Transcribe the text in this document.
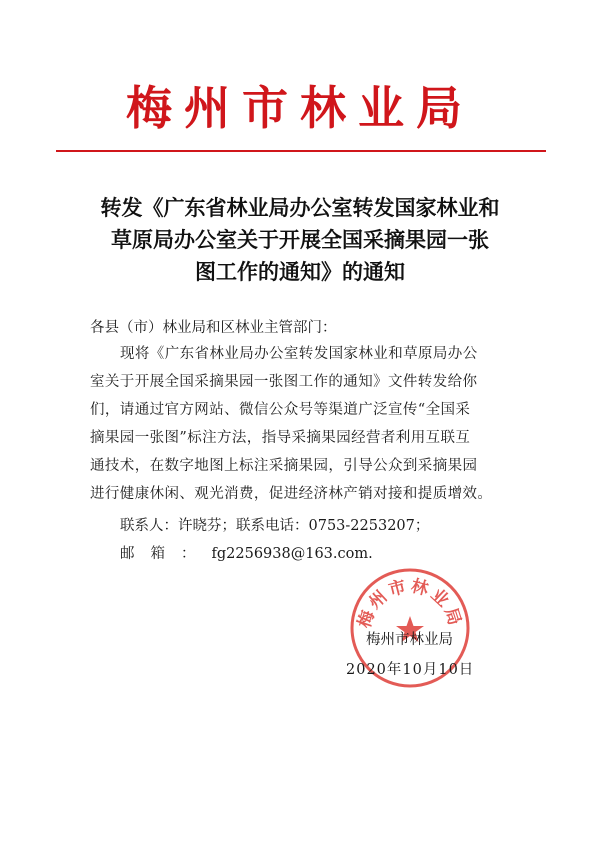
梅州市林业局
转发《广东省林业局办公室转发国家林业和
草原局办公室关于开展全国采摘果园一张
图工作的通知》的通知
各县（市）林业局和区林业主管部门：
现将《广东省林业局办公室转发国家林业和草原局办公
室关于开展全国采摘果园一张图工作的通知》文件转发给你
们，请通过官方网站、微信公众号等渠道广泛宣传“全国采
摘果园一张图”标注方法，指导采摘果园经营者利用互联互
通技术，在数字地图上标注采摘果园，引导公众到采摘果园
进行健康休闲、观光消费，促进经济林产销对接和提质增效。
联系人：许晓芬；联系电话：0753-2253207；
邮箱：fg2256938@163.com.
梅州市林业局
梅州市林业局
2020年10月10日
